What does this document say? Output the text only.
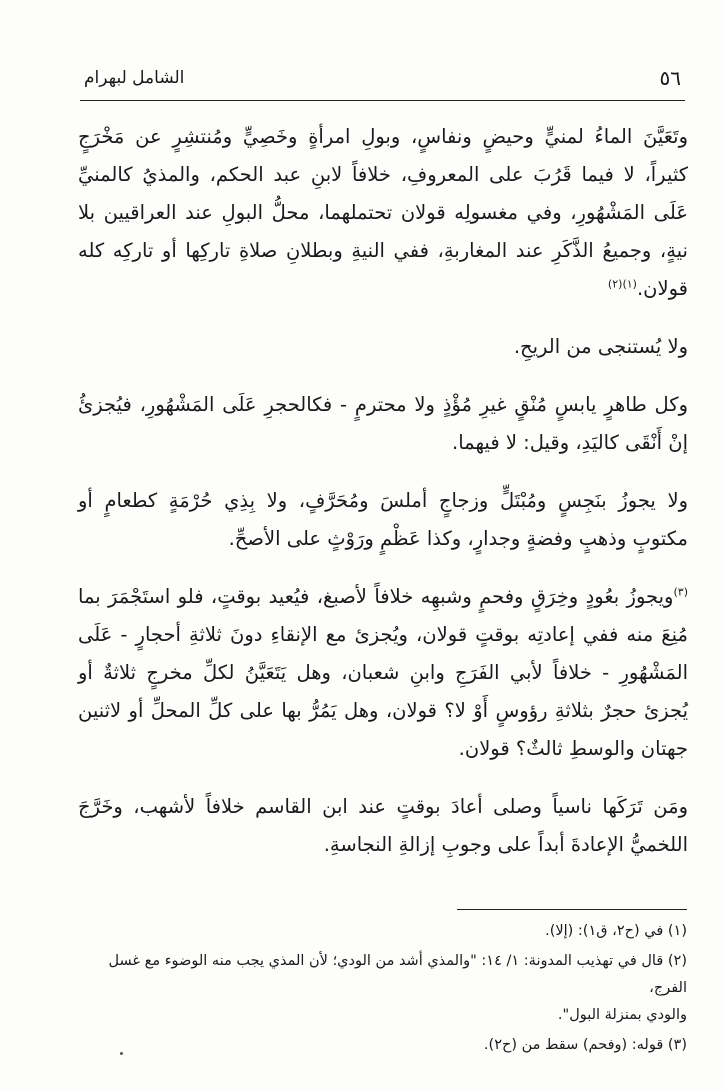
٥٦
الشامل لبهرام

وتَعَيَّنَ الماءُ لمنيٍّ وحيضٍ ونفاسٍ، وبولِ امرأةٍ وخَصِيٍّ ومُنتشِرٍ عن مَخْرَجٍ كثيراً، لا فيما قَرُبَ على المعروفِ، خلافاً لابنِ عبد الحكم، والمذيُ كالمنيِّ عَلَى المَشْهُورِ، وفي مغسولِه قولان تحتملهما، محلُّ البولِ عند العراقيين بلا نيةٍ، وجميعُ الذَّكَرِ عند المغاربةِ، ففي النيةِ وبطلانِ صلاةِ تاركِها أو تاركِه كله قولان.$^{(١)(٢)}$

ولا يُستنجى من الريحِ.

وكل طاهرٍ يابسٍ مُنْقٍ غيرِ مُؤْذٍ ولا محترمٍ - فكالحجرِ عَلَى المَشْهُورِ، فيُجزئُ إنْ أَنْقَى كاليَدِ، وقيل: لا فيهما.

ولا يجوزُ بنَجِسٍ ومُبْتَلٍّ وزجاجٍ أملسَ ومُحَرَّفٍ، ولا بِذِي حُرْمَةٍ كطعامٍ أو مكتوبٍ وذهبٍ وفضةٍ وجدارٍ، وكذا عَظْمٍ ورَوْثٍ على الأصحِّ.

$^{(٣)}$ويجوزُ بعُودٍ وخِرَقٍ وفحمٍ وشبهِه خلافاً لأصبغ، فيُعيد بوقتٍ، فلو استَجْمَرَ بما مُنِعَ منه ففي إعادتِه بوقتٍ قولان، ويُجزئ مع الإنقاءِ دونَ ثلاثةِ أحجارٍ - عَلَى المَشْهُورِ - خلافاً لأبي الفَرَجِ وابنِ شعبان، وهل يَتَعَيَّنُ لكلِّ مخرجٍ ثلاثةٌ أو يُجزئ حجرٌ بثلاثةِ رؤوسٍ أَوْ لا؟ قولان، وهل يَمُرُّ بها على كلِّ المحلِّ أو لاثنين جهتان والوسطِ ثالثٌ؟ قولان.

ومَن تَرَكَها ناسياً وصلى أعادَ بوقتٍ عند ابن القاسم خلافاً لأشهب، وخَرَّجَ اللخميُّ الإعادةَ أبداً على وجوبِ إزالةِ النجاسةِ.

(١) في (ح٢، ق١): (إلا).

(٢) قال في تهذيب المدونة: ١/ ١٤: "والمذي أشد من الودي؛ لأن المذي يجب منه الوضوء مع غسل الفرج،
والودي بمنزلة البول".

(٣) قوله: (وفحم) سقط من (ح٢).
